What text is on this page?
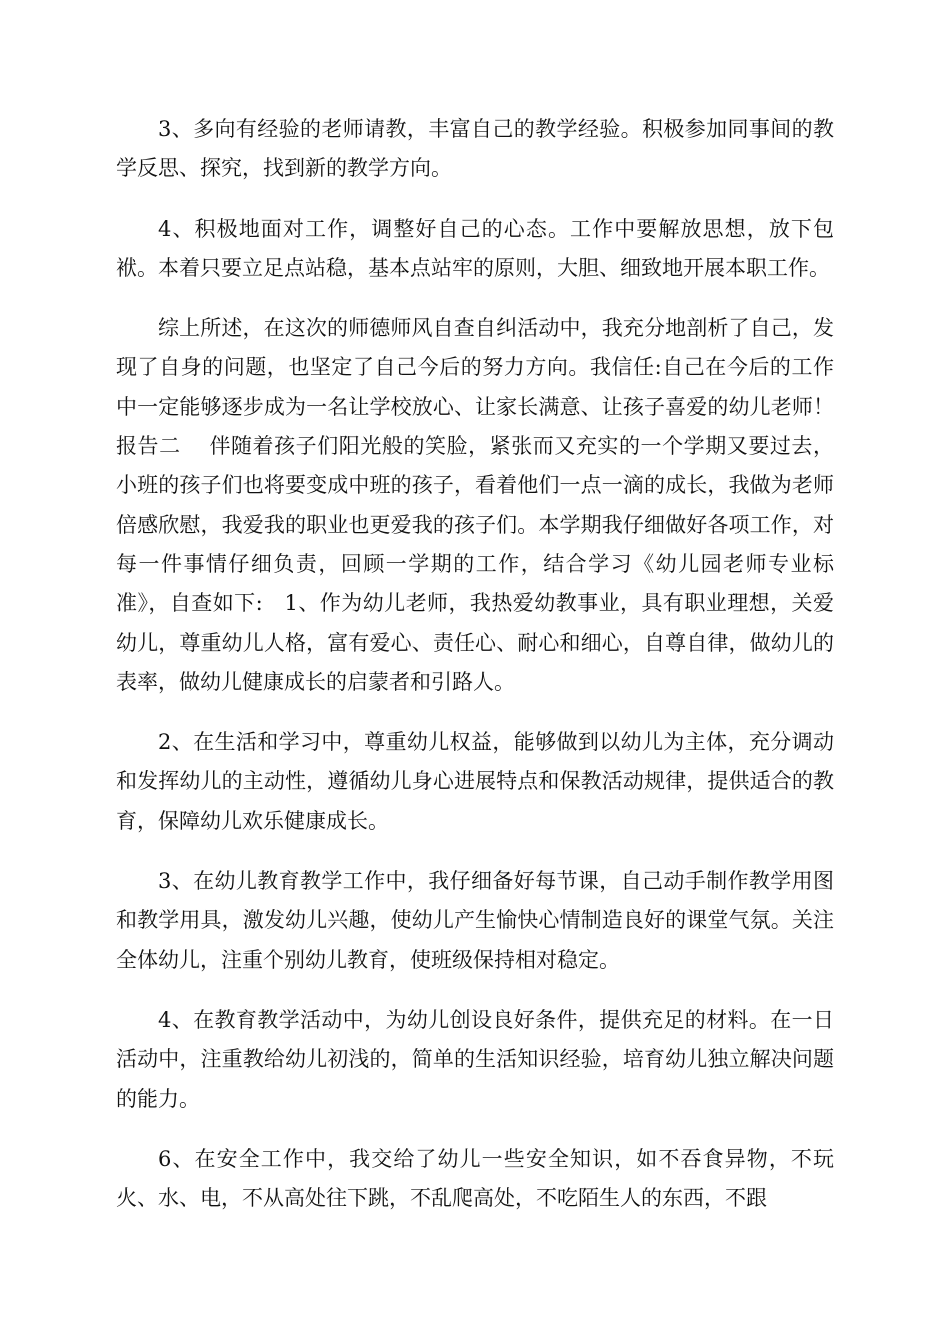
3、多向有经验的老师请教，丰富自己的教学经验。积极参加同事间的教学反思、探究，找到新的教学方向。

4、积极地面对工作，调整好自己的心态。工作中要解放思想，放下包袱。本着只要立足点站稳，基本点站牢的原则，大胆、细致地开展本职工作。

综上所述，在这次的师德师风自查自纠活动中，我充分地剖析了自己，发现了自身的问题，也坚定了自己今后的努力方向。我信任:自己在今后的工作中一定能够逐步成为一名让学校放心、让家长满意、让孩子喜爱的幼儿老师！　报告二　 伴随着孩子们阳光般的笑脸，紧张而又充实的一个学期又要过去，小班的孩子们也将要变成中班的孩子，看着他们一点一滴的成长，我做为老师倍感欣慰，我爱我的职业也更爱我的孩子们。本学期我仔细做好各项工作，对每一件事情仔细负责，回顾一学期的工作，结合学习《幼儿园老师专业标准》，自查如下:　1、作为幼儿老师，我热爱幼教事业，具有职业理想，关爱幼儿，尊重幼儿人格，富有爱心、责任心、耐心和细心，自尊自律，做幼儿的表率，做幼儿健康成长的启蒙者和引路人。

2、在生活和学习中，尊重幼儿权益，能够做到以幼儿为主体，充分调动和发挥幼儿的主动性，遵循幼儿身心进展特点和保教活动规律，提供适合的教育，保障幼儿欢乐健康成长。

3、在幼儿教育教学工作中，我仔细备好每节课，自己动手制作教学用图和教学用具，激发幼儿兴趣，使幼儿产生愉快心情制造良好的课堂气氛。关注全体幼儿，注重个别幼儿教育，使班级保持相对稳定。

4、在教育教学活动中，为幼儿创设良好条件，提供充足的材料。在一日活动中，注重教给幼儿初浅的，简单的生活知识经验，培育幼儿独立解决问题的能力。

6、在安全工作中，我交给了幼儿一些安全知识，如不吞食异物，不玩火、水、电，不从高处往下跳，不乱爬高处，不吃陌生人的东西，不跟
